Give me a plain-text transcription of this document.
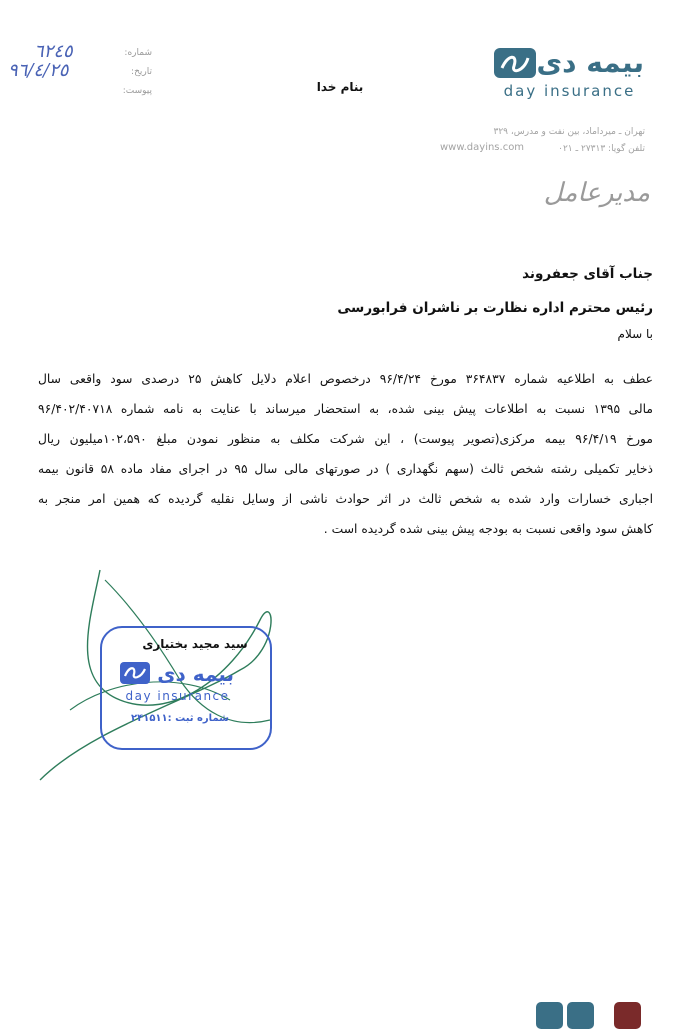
شماره:
تاریخ:
پیوست:
٦٢٤٥
٩٦/٤/٢٥
بنام خدا
بیمه دی
day insurance
تهران ـ میرداماد، بین نفت و مدرس، ۳۲۹
تلفن گویا: ۲۷۳۱۳ ـ ۰۲۱
www.dayins.com
مدیرعامل
جناب آقای جعفروند
رئیس محترم اداره نظارت بر ناشران فرابورسی
با سلام
عطف به اطلاعیه شماره ۳۶۴۸۳۷ مورخ ۹۶/۴/۲۴ درخصوص اعلام دلایل کاهش ۲۵ درصدی سود واقعی سال
مالی ۱۳۹۵ نسبت به اطلاعات پیش بینی شده، به استحضار میرساند با عنایت به نامه شماره ۹۶/۴۰۲/۴۰۷۱۸
مورخ ۹۶/۴/۱۹ بیمه مرکزی(تصویر پیوست) ، این شرکت مکلف به منظور نمودن مبلغ ۱۰۲،۵۹۰میلیون ریال
ذخایر تکمیلی رشته شخص ثالث (سهم نگهداری ) در صورتهای مالی سال ۹۵ در اجرای مفاد ماده ۵۸ قانون بیمه
اجباری خسارات وارد شده به شخص ثالث در اثر حوادث ناشی از وسایل نقلیه گردیده که همین امر منجر به
کاهش سود واقعی نسبت به بودجه پیش بینی شده گردیده است .
سید مجید بختیاری
بیمه دی
day insurance
شماره ثبت :۲۴۱۵۱۱
